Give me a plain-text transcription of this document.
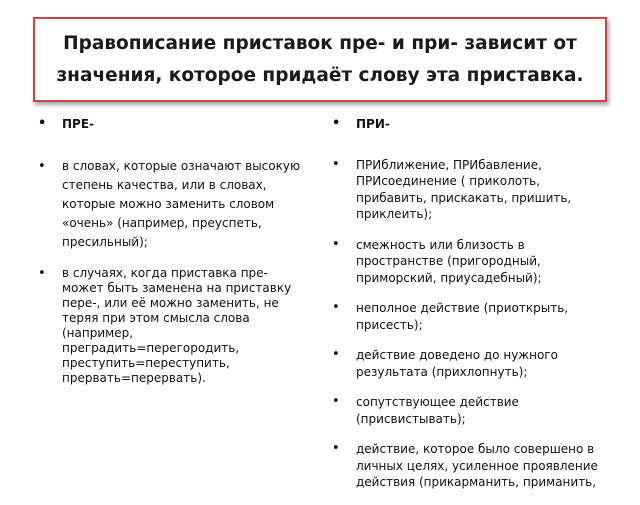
Правописание приставок пре- и при- зависит от значения, которое придаёт слову эта приставка.
• ПРЕ-
• в словах, которые означают высокую степень качества, или в словах, которые можно заменить словом «очень» (например, преуспеть, пресильный);
• в случаях, когда приставка пре- может быть заменена на приставку пере-, или её можно заменить, не теряя при этом смысла слова (например, преградить=перегородить, преступить=переступить, прервать=перервать).
• ПРИ-
• ПРИближение, ПРИбавление, ПРИсоединение ( приколоть, прибавить, прискакать, пришить, приклеить);
• смежность или близость в пространстве (пригородный, приморский, приусадебный);
• неполное действие (приоткрыть, присесть);
• действие доведено до нужного результата (прихлопнуть);
• сопутствующее действие (присвистывать);
• действие, которое было совершено в личных целях, усиленное проявление действия (прикарманить, приманить,
